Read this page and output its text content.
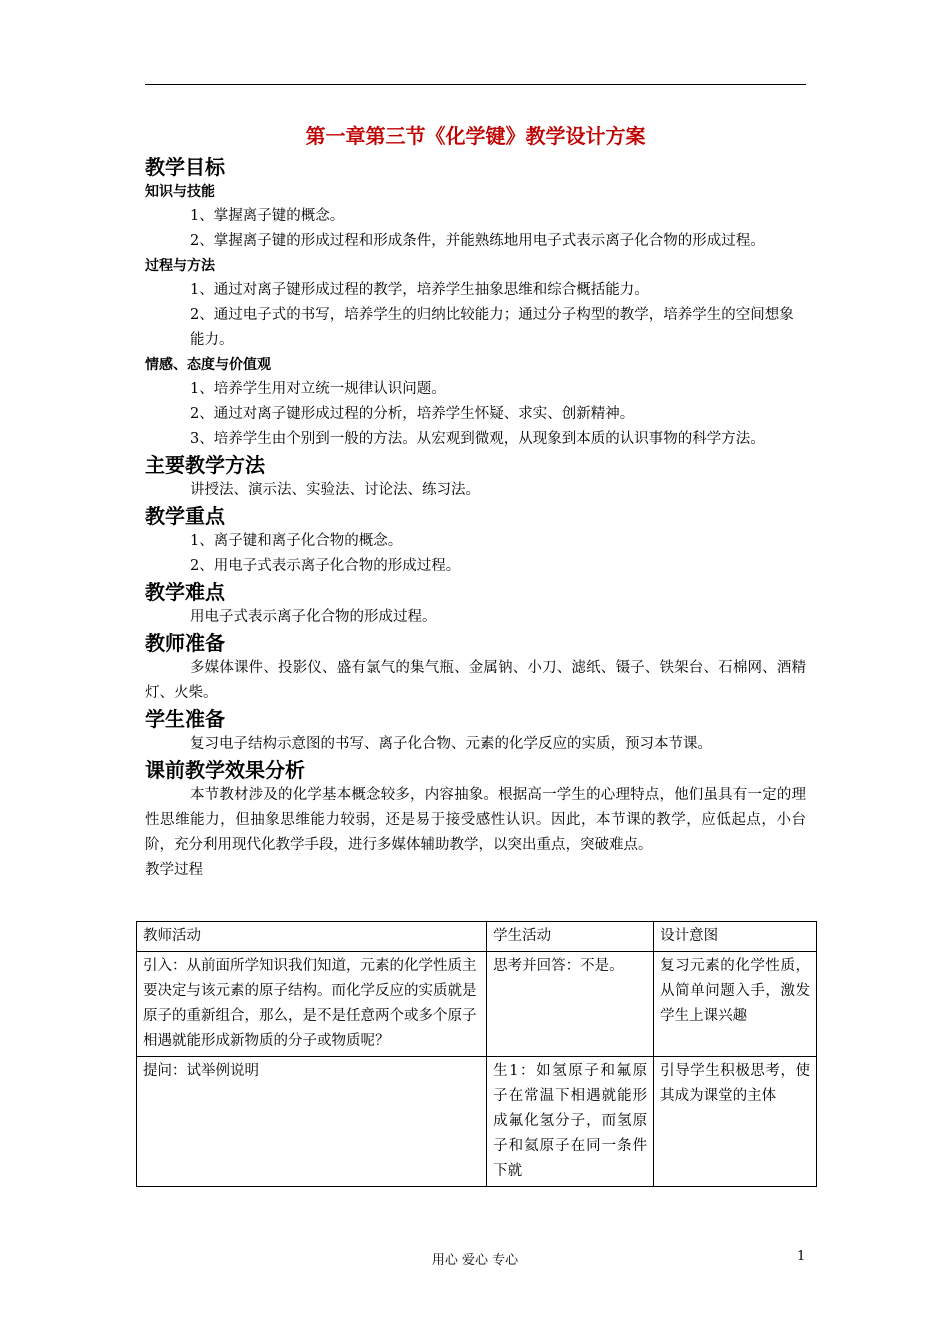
第一章第三节《化学键》教学设计方案
教学目标
知识与技能

1、掌握离子键的概念。

2、掌握离子键的形成过程和形成条件，并能熟练地用电子式表示离子化合物的形成过程。

过程与方法

1、通过对离子键形成过程的教学，培养学生抽象思维和综合概括能力。

2、通过电子式的书写，培养学生的归纳比较能力；通过分子构型的教学，培养学生的空间想象能力。

情感、态度与价值观

1、培养学生用对立统一规律认识问题。

2、通过对离子键形成过程的分析，培养学生怀疑、求实、创新精神。

3、培养学生由个别到一般的方法。从宏观到微观，从现象到本质的认识事物的科学方法。

主要教学方法

讲授法、演示法、实验法、讨论法、练习法。

教学重点

1、离子键和离子化合物的概念。

2、用电子式表示离子化合物的形成过程。

教学难点

用电子式表示离子化合物的形成过程。

教师准备

多媒体课件、投影仪、盛有氯气的集气瓶、金属钠、小刀、滤纸、镊子、铁架台、石棉网、酒精灯、火柴。

学生准备

复习电子结构示意图的书写、离子化合物、元素的化学反应的实质，预习本节课。

课前教学效果分析

本节教材涉及的化学基本概念较多，内容抽象。根据高一学生的心理特点，他们虽具有一定的理性思维能力，但抽象思维能力较弱，还是易于接受感性认识。因此，本节课的教学，应低起点，小台阶，充分利用现代化教学手段，进行多媒体辅助教学，以突出重点，突破难点。

教学过程

教师活动	学生活动	设计意图
引入：从前面所学知识我们知道，元素的化学性质主要决定与该元素的原子结构。而化学反应的实质就是原子的重新组合，那么，是不是任意两个或多个原子相遇就能形成新物质的分子或物质呢？	思考并回答：不是。	复习元素的化学性质，从简单问题入手，激发学生上课兴趣
提问：试举例说明	生1：如氢原子和氟原子在常温下相遇就能形成氟化氢分子，而氢原子和氦原子在同一条件下就	引导学生积极思考，使其成为课堂的主体
用心 爱心 专心	1
